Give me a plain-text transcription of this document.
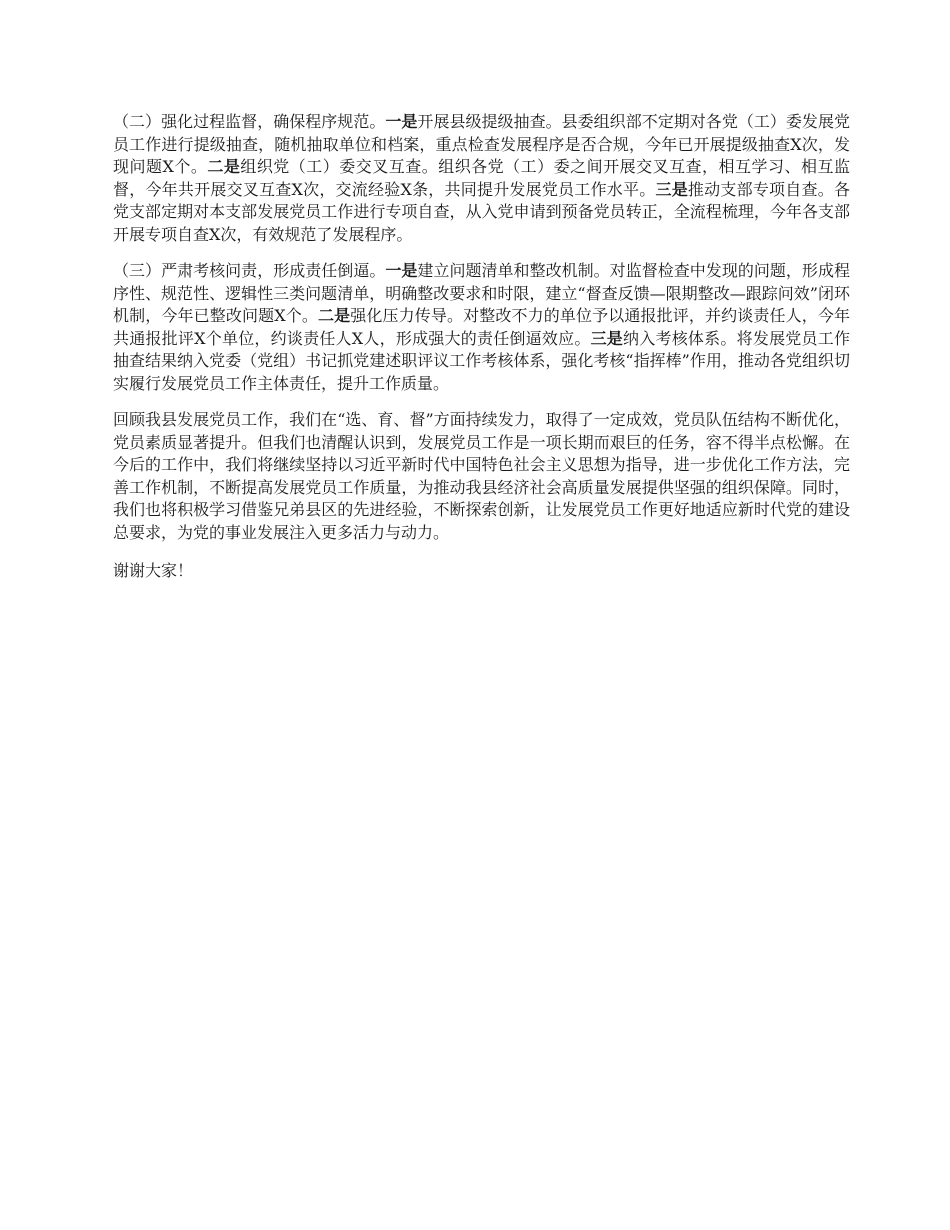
（二）强化过程监督，确保程序规范。一是开展县级提级抽查。县委组织部不定期对各党（工）委发展党员工作进行提级抽查，随机抽取单位和档案，重点检查发展程序是否合规，今年已开展提级抽查X次，发现问题X个。二是组织党（工）委交叉互查。组织各党（工）委之间开展交叉互查，相互学习、相互监督，今年共开展交叉互查X次，交流经验X条，共同提升发展党员工作水平。三是推动支部专项自查。各党支部定期对本支部发展党员工作进行专项自查，从入党申请到预备党员转正，全流程梳理，今年各支部开展专项自查X次，有效规范了发展程序。

（三）严肃考核问责，形成责任倒逼。一是建立问题清单和整改机制。对监督检查中发现的问题，形成程序性、规范性、逻辑性三类问题清单，明确整改要求和时限，建立“督查反馈—限期整改—跟踪问效”闭环机制，今年已整改问题X个。二是强化压力传导。对整改不力的单位予以通报批评，并约谈责任人，今年共通报批评X个单位，约谈责任人X人，形成强大的责任倒逼效应。三是纳入考核体系。将发展党员工作抽查结果纳入党委（党组）书记抓党建述职评议工作考核体系，强化考核“指挥棒”作用，推动各党组织切实履行发展党员工作主体责任，提升工作质量。

回顾我县发展党员工作，我们在“选、育、督”方面持续发力，取得了一定成效，党员队伍结构不断优化，党员素质显著提升。但我们也清醒认识到，发展党员工作是一项长期而艰巨的任务，容不得半点松懈。在今后的工作中，我们将继续坚持以习近平新时代中国特色社会主义思想为指导，进一步优化工作方法，完善工作机制，不断提高发展党员工作质量，为推动我县经济社会高质量发展提供坚强的组织保障。同时，我们也将积极学习借鉴兄弟县区的先进经验，不断探索创新，让发展党员工作更好地适应新时代党的建设总要求，为党的事业发展注入更多活力与动力。

谢谢大家！
